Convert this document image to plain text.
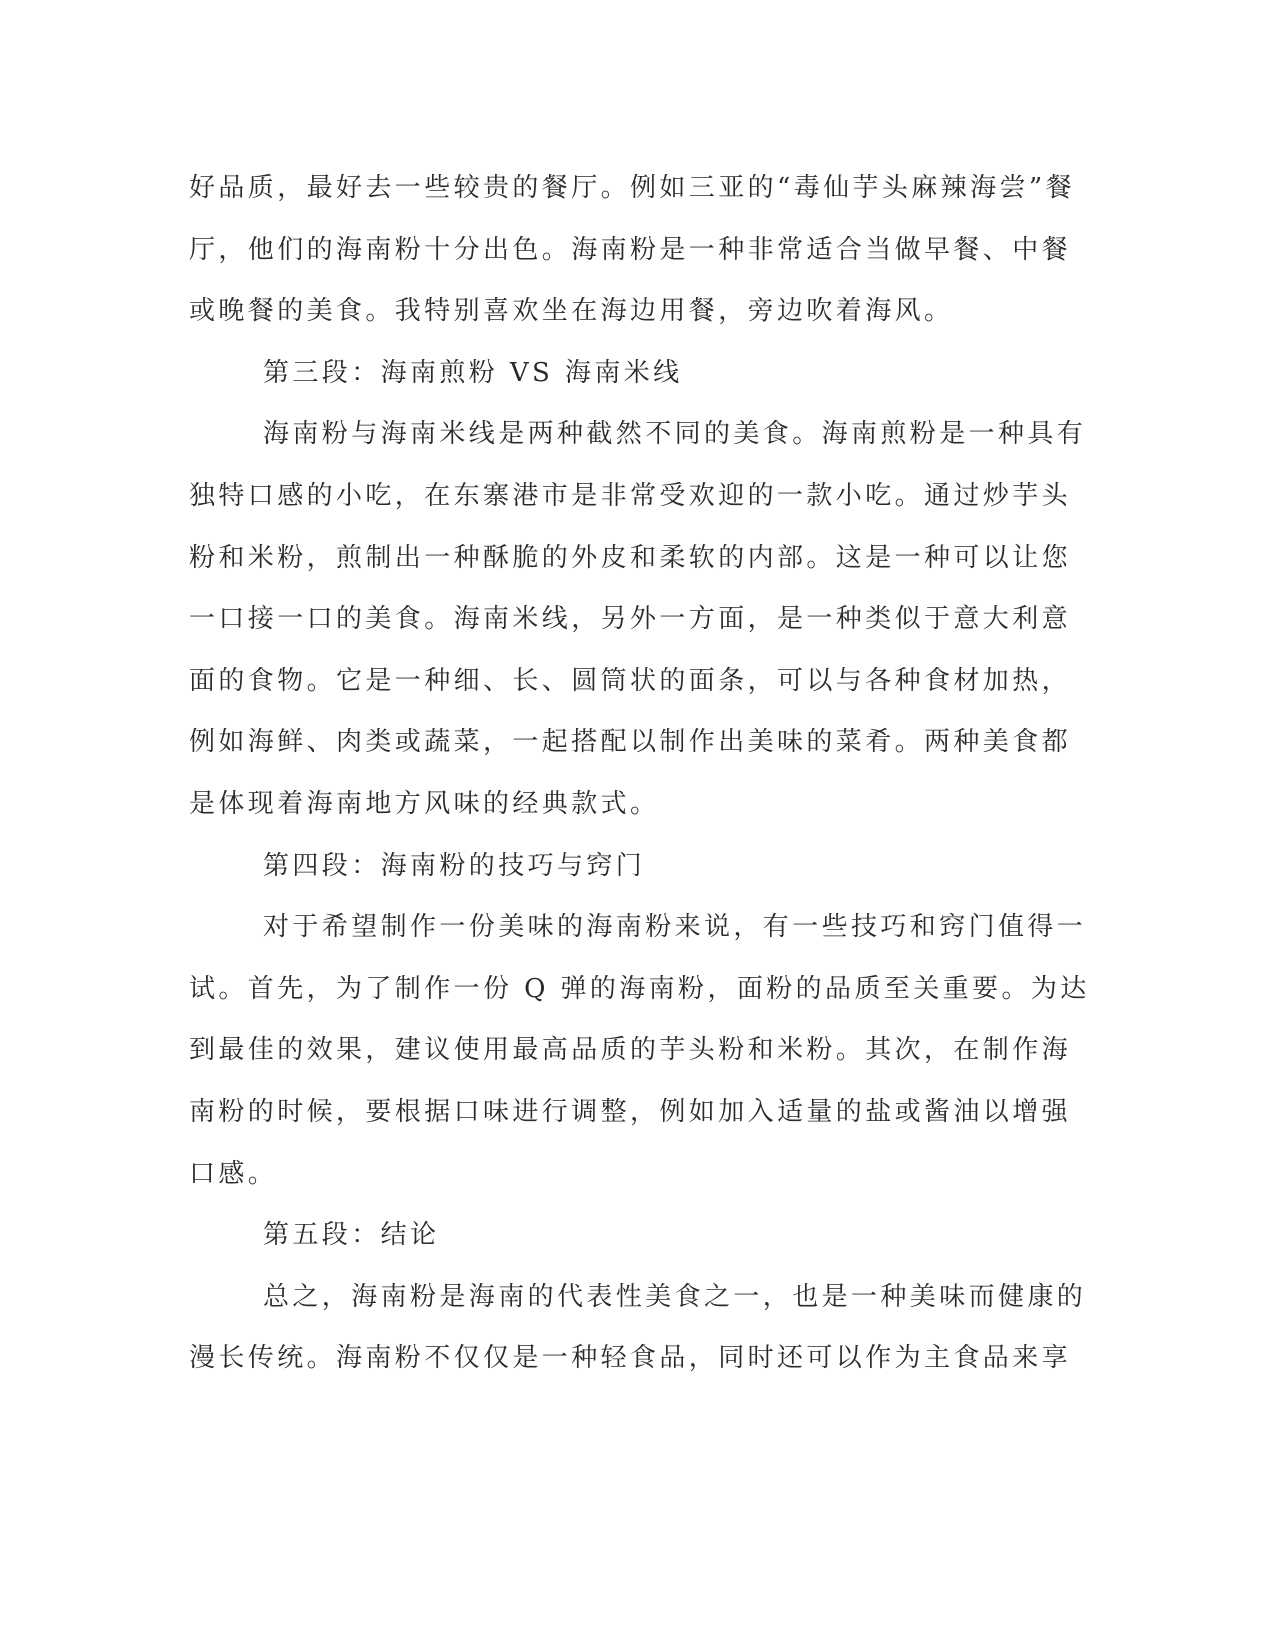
好品质，最好去一些较贵的餐厅。例如三亚的“毒仙芋头麻辣海尝”餐
厅，他们的海南粉十分出色。海南粉是一种非常适合当做早餐、中餐
或晚餐的美食。我特别喜欢坐在海边用餐，旁边吹着海风。
第三段：海南煎粉 VS 海南米线
海南粉与海南米线是两种截然不同的美食。海南煎粉是一种具有
独特口感的小吃，在东寨港市是非常受欢迎的一款小吃。通过炒芋头
粉和米粉，煎制出一种酥脆的外皮和柔软的内部。这是一种可以让您
一口接一口的美食。海南米线，另外一方面，是一种类似于意大利意
面的食物。它是一种细、长、圆筒状的面条，可以与各种食材加热，
例如海鲜、肉类或蔬菜，一起搭配以制作出美味的菜肴。两种美食都
是体现着海南地方风味的经典款式。
第四段：海南粉的技巧与窍门
对于希望制作一份美味的海南粉来说，有一些技巧和窍门值得一
试。首先，为了制作一份 Q 弹的海南粉，面粉的品质至关重要。为达
到最佳的效果，建议使用最高品质的芋头粉和米粉。其次，在制作海
南粉的时候，要根据口味进行调整，例如加入适量的盐或酱油以增强
口感。
第五段：结论
总之，海南粉是海南的代表性美食之一，也是一种美味而健康的
漫长传统。海南粉不仅仅是一种轻食品，同时还可以作为主食品来享
